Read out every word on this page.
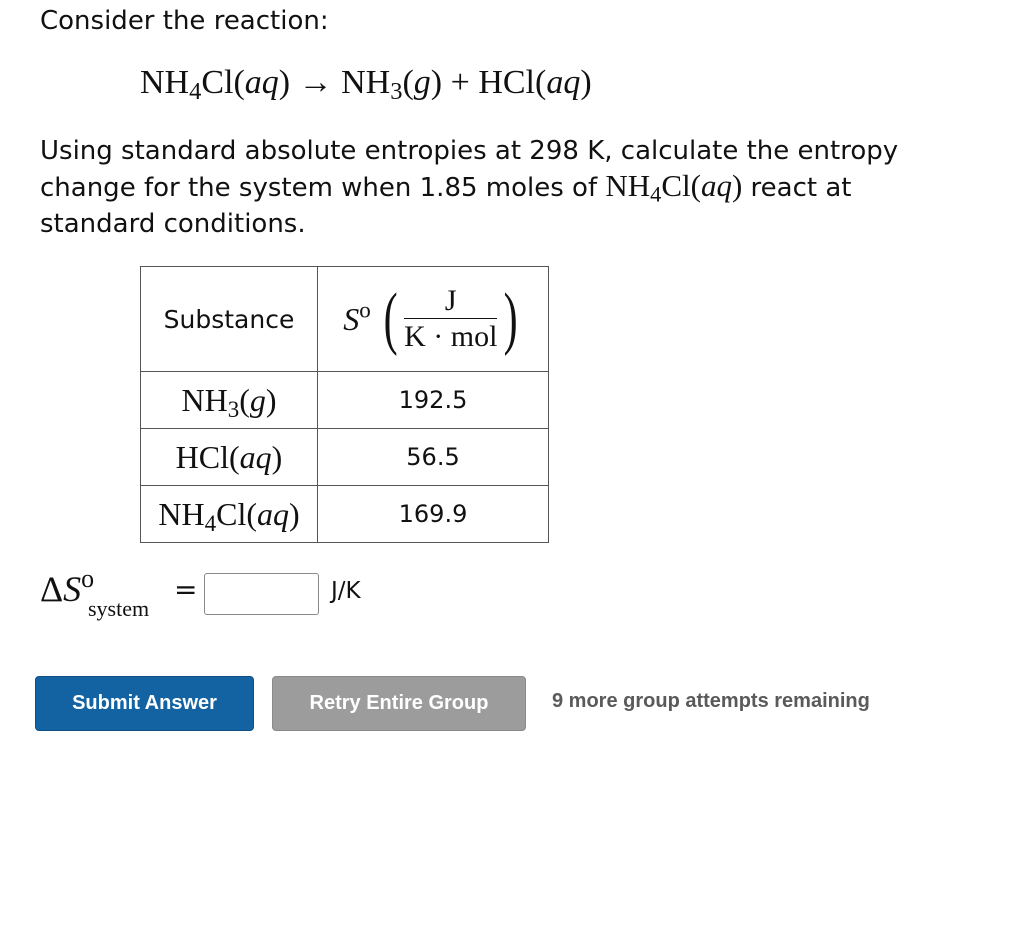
Consider the reaction:
$NH_4Cl(aq) \to NH_3(g) + HCl(aq)$
Using standard absolute entropies at 298 K, calculate the entropy
change for the system when 1.85 moles of $NH_4Cl(aq)$ react at
standard conditions.
Substance	$S^o$ ( $\frac{J}{\text{K · mol}}$ )

$NH_3(g)$	192.5
HCl(aq)	56.5
$NH_4Cl(aq)$	169.9
$\Delta S^o$
system
=	J/K
Submit Answer	Retry Entire Group	9 more group attempts remaining
